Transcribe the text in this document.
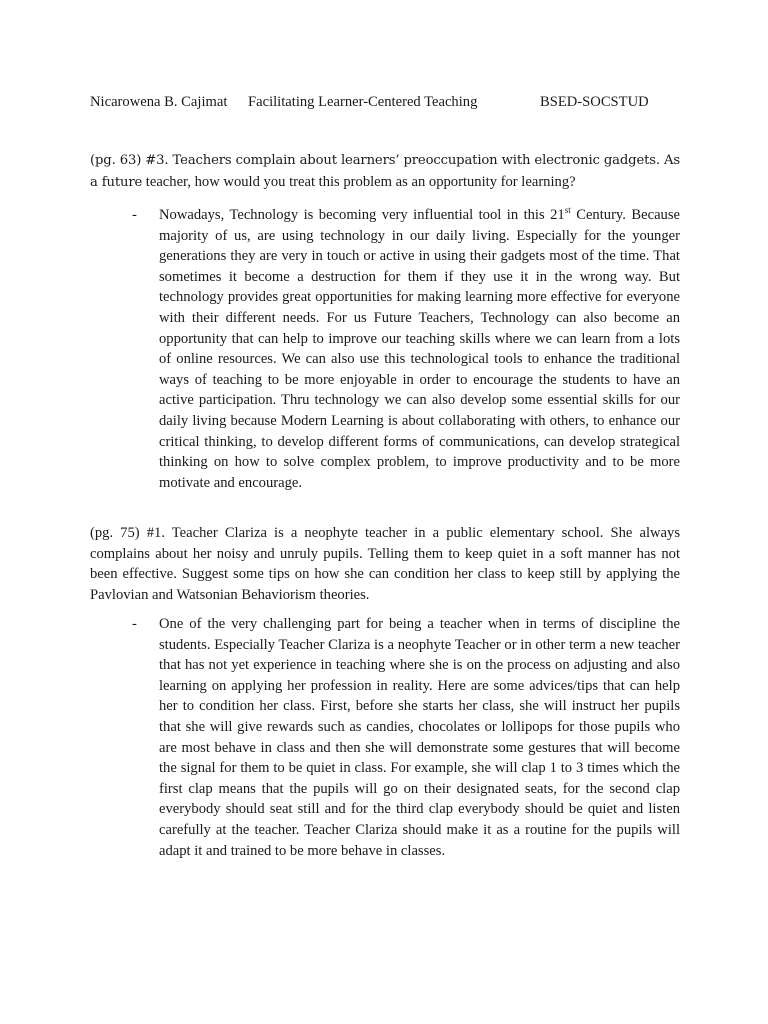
Nicarowena B. Cajimat Facilitating Learner-Centered Teaching	BSED-SOCSTUD
(pg. 63) #3. Teachers complain about learners’ preoccupation with electronic gadgets. As a future teacher, how would you treat this problem as an opportunity for learning?
- Nowadays, Technology is becoming very influential tool in this 21st Century. Because majority of us, are using technology in our daily living. Especially for the younger generations they are very in touch or active in using their gadgets most of the time. That sometimes it become a destruction for them if they use it in the wrong way. But technology provides great opportunities for making learning more effective for everyone with their different needs. For us Future Teachers, Technology can also become an opportunity that can help to improve our teaching skills where we can learn from a lots of online resources. We can also use this technological tools to enhance the traditional ways of teaching to be more enjoyable in order to encourage the students to have an active participation. Thru technology we can also develop some essential skills for our daily living because Modern Learning is about collaborating with others, to enhance our critical thinking, to develop different forms of communications, can develop strategical thinking on how to solve complex problem, to improve productivity and to be more motivate and encourage.
(pg. 75) #1. Teacher Clariza is a neophyte teacher in a public elementary school. She always complains about her noisy and unruly pupils. Telling them to keep quiet in a soft manner has not been effective. Suggest some tips on how she can condition her class to keep still by applying the Pavlovian and Watsonian Behaviorism theories.
- One of the very challenging part for being a teacher when in terms of discipline the students. Especially Teacher Clariza is a neophyte Teacher or in other term a new teacher that has not yet experience in teaching where she is on the process on adjusting and also learning on applying her profession in reality. Here are some advices/tips that can help her to condition her class. First, before she starts her class, she will instruct her pupils that she will give rewards such as candies, chocolates or lollipops for those pupils who are most behave in class and then she will demonstrate some gestures that will become the signal for them to be quiet in class. For example, she will clap 1 to 3 times which the first clap means that the pupils will go on their designated seats, for the second clap everybody should seat still and for the third clap everybody should be quiet and listen carefully at the teacher. Teacher Clariza should make it as a routine for the pupils will adapt it and trained to be more behave in classes.
